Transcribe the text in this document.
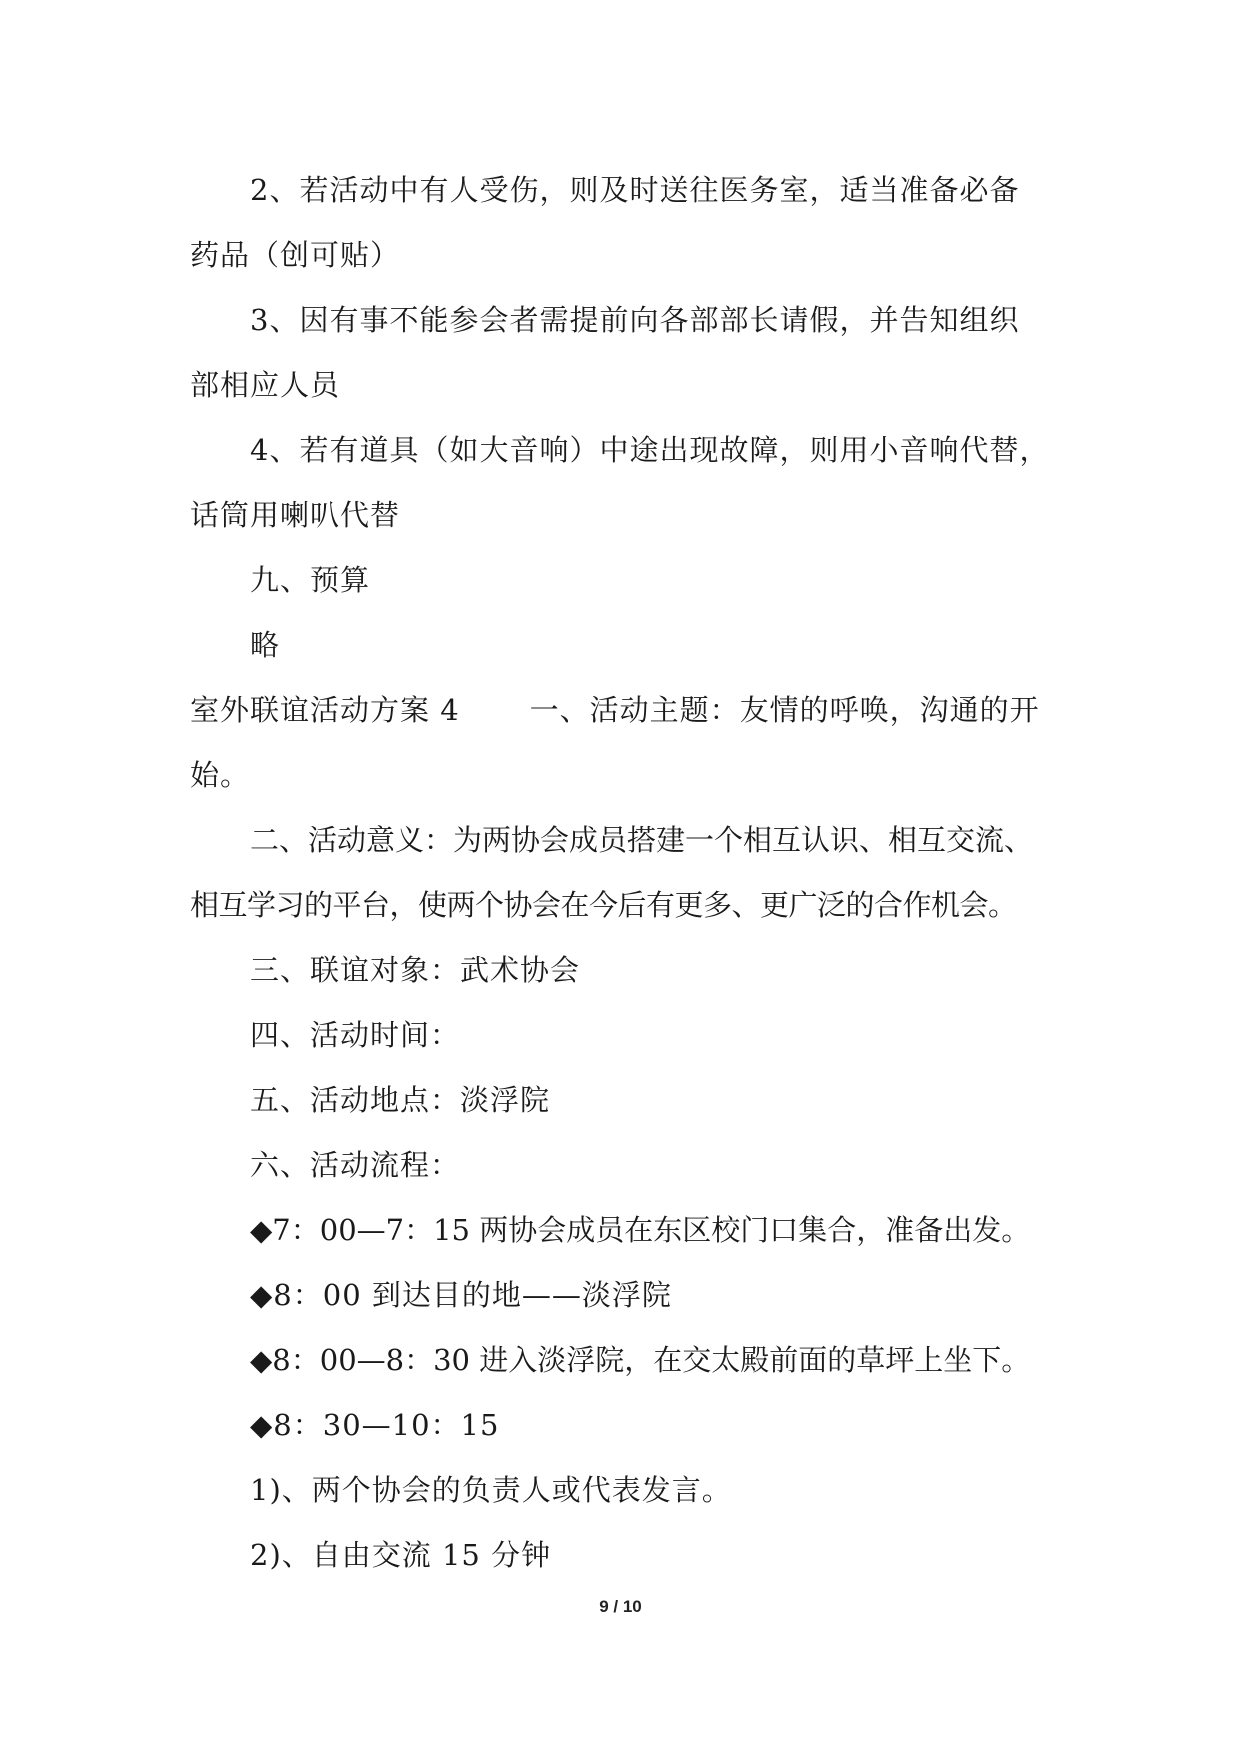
2、若活动中有人受伤，则及时送往医务室，适当准备必备
药品（创可贴）
3、因有事不能参会者需提前向各部部长请假，并告知组织
部相应人员
4、若有道具（如大音响）中途出现故障，则用小音响代替，
话筒用喇叭代替
九、预算
略
室外联谊活动方案 4 一、活动主题：友情的呼唤，沟通的开
始。
二、活动意义：为两协会成员搭建一个相互认识、相互交流、
相互学习的平台，使两个协会在今后有更多、更广泛的合作机会。
三、联谊对象：武术协会
四、活动时间：
五、活动地点：淡浮院
六、活动流程：
◆7：00—7：15 两协会成员在东区校门口集合，准备出发。
◆8：00 到达目的地——淡浮院
◆8：00—8：30 进入淡浮院，在交太殿前面的草坪上坐下。
◆8：30—10：15
1)、两个协会的负责人或代表发言。
2)、自由交流 15 分钟
9 / 10
